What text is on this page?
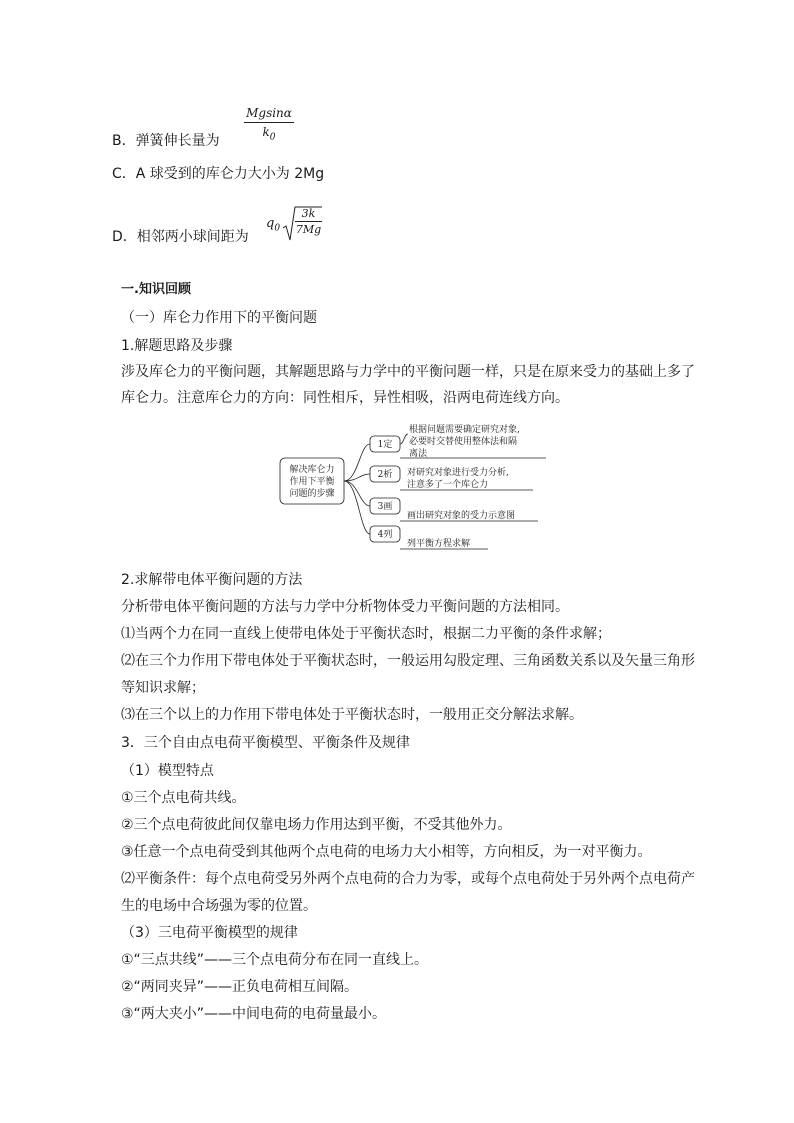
B．弹簧伸长量为
Mgsinα
$k_0$
C．A 球受到的库仑力大小为 2Mg
D．相邻两小球间距为
$q_0$
3k
7Mg
一.知识回顾
（一）库仑力作用下的平衡问题
1.解题思路及步骤
涉及库仑力的平衡问题，其解题思路与力学中的平衡问题一样，只是在原来受力的基础上多了
库仑力。注意库仑力的方向：同性相斥，异性相吸，沿两电荷连线方向。
解决库仑力
作用下平衡
问题的步骤
1定
根据问题需要确定研究对象,
必要时交替使用整体法和隔
离法
2析 对研究对象进行受力分析,
注意多了一个库仑力
3画
画出研究对象的受力示意图
4列
列平衡方程求解
2.求解带电体平衡问题的方法
分析带电体平衡问题的方法与力学中分析物体受力平衡问题的方法相同。
⑴当两个力在同一直线上使带电体处于平衡状态时，根据二力平衡的条件求解；
⑵在三个力作用下带电体处于平衡状态时，一般运用勾股定理、三角函数关系以及矢量三角形
等知识求解；
⑶在三个以上的力作用下带电体处于平衡状态时，一般用正交分解法求解。
3．三个自由点电荷平衡模型、平衡条件及规律
（1）模型特点
①三个点电荷共线。
②三个点电荷彼此间仅靠电场力作用达到平衡，不受其他外力。
③任意一个点电荷受到其他两个点电荷的电场力大小相等，方向相反，为一对平衡力。
⑵平衡条件：每个点电荷受另外两个点电荷的合力为零，或每个点电荷处于另外两个点电荷产
生的电场中合场强为零的位置。
（3）三电荷平衡模型的规律
①“三点共线”——三个点电荷分布在同一直线上。
②“两同夹异”——正负电荷相互间隔。
③“两大夹小”——中间电荷的电荷量最小。
